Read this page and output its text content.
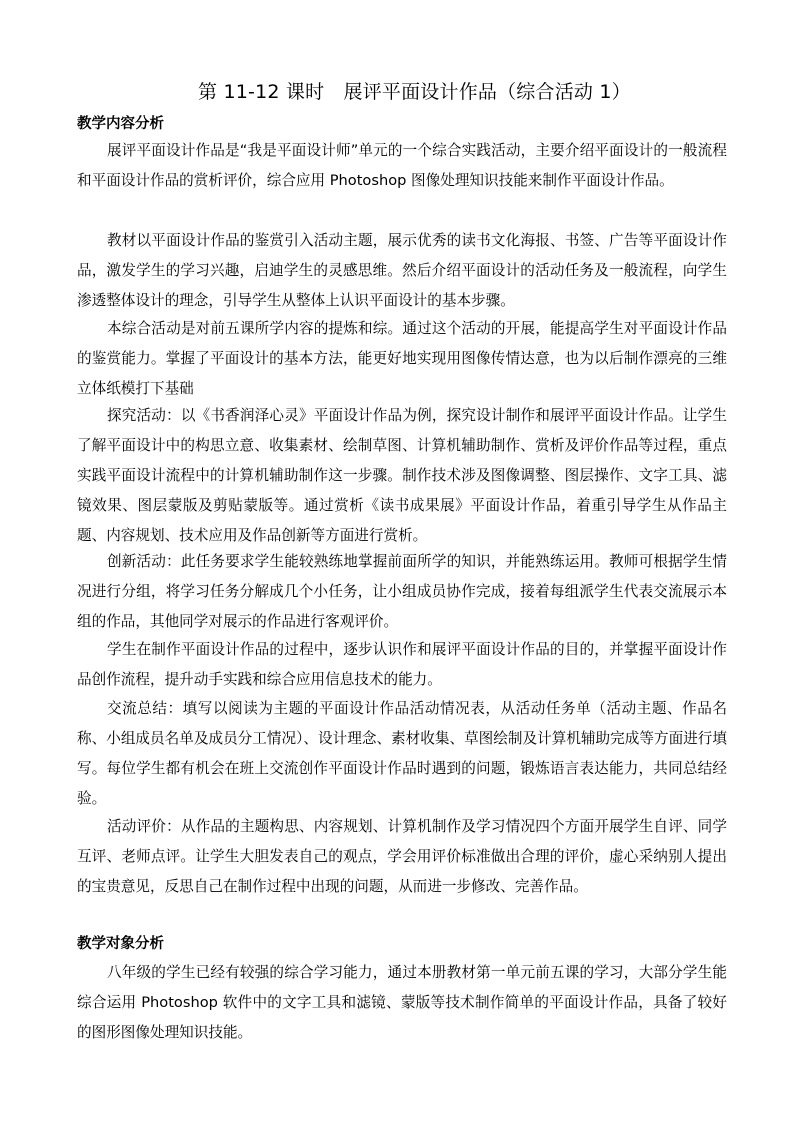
第 11-12 课时　展评平面设计作品（综合活动 1）
教学内容分析

展评平面设计作品是“我是平面设计师”单元的一个综合实践活动，主要介绍平面设计的一般流程和平面设计作品的赏析评价，综合应用 Photoshop 图像处理知识技能来制作平面设计作品。

教材以平面设计作品的鉴赏引入活动主题，展示优秀的读书文化海报、书签、广告等平面设计作品，激发学生的学习兴趣，启迪学生的灵感思维。然后介绍平面设计的活动任务及一般流程，向学生渗透整体设计的理念，引导学生从整体上认识平面设计的基本步骤。

本综合活动是对前五课所学内容的提炼和综。通过这个活动的开展，能提高学生对平面设计作品的鉴赏能力。掌握了平面设计的基本方法，能更好地实现用图像传情达意，也为以后制作漂亮的三维立体纸模打下基础

探究活动：以《书香润泽心灵》平面设计作品为例，探究设计制作和展评平面设计作品。让学生了解平面设计中的构思立意、收集素材、绘制草图、计算机辅助制作、赏析及评价作品等过程，重点实践平面设计流程中的计算机辅助制作这一步骤。制作技术涉及图像调整、图层操作、文字工具、滤镜效果、图层蒙版及剪贴蒙版等。通过赏析《读书成果展》平面设计作品，着重引导学生从作品主题、内容规划、技术应用及作品创新等方面进行赏析。

创新活动：此任务要求学生能较熟练地掌握前面所学的知识，并能熟练运用。教师可根据学生情况进行分组，将学习任务分解成几个小任务，让小组成员协作完成，接着每组派学生代表交流展示本组的作品，其他同学对展示的作品进行客观评价。

学生在制作平面设计作品的过程中，逐步认识作和展评平面设计作品的目的，并掌握平面设计作品创作流程，提升动手实践和综合应用信息技术的能力。

交流总结：填写以阅读为主题的平面设计作品活动情况表，从活动任务单（活动主题、作品名称、小组成员名单及成员分工情况）、设计理念、素材收集、草图绘制及计算机辅助完成等方面进行填写。每位学生都有机会在班上交流创作平面设计作品时遇到的问题，锻炼语言表达能力，共同总结经验。

活动评价：从作品的主题构思、内容规划、计算机制作及学习情况四个方面开展学生自评、同学互评、老师点评。让学生大胆发表自己的观点，学会用评价标准做出合理的评价，虚心采纳别人提出的宝贵意见，反思自己在制作过程中出现的问题，从而进一步修改、完善作品。

教学对象分析

八年级的学生已经有较强的综合学习能力，通过本册教材第一单元前五课的学习，大部分学生能综合运用 Photoshop 软件中的文字工具和滤镜、蒙版等技术制作简单的平面设计作品，具备了较好的图形图像处理知识技能。
